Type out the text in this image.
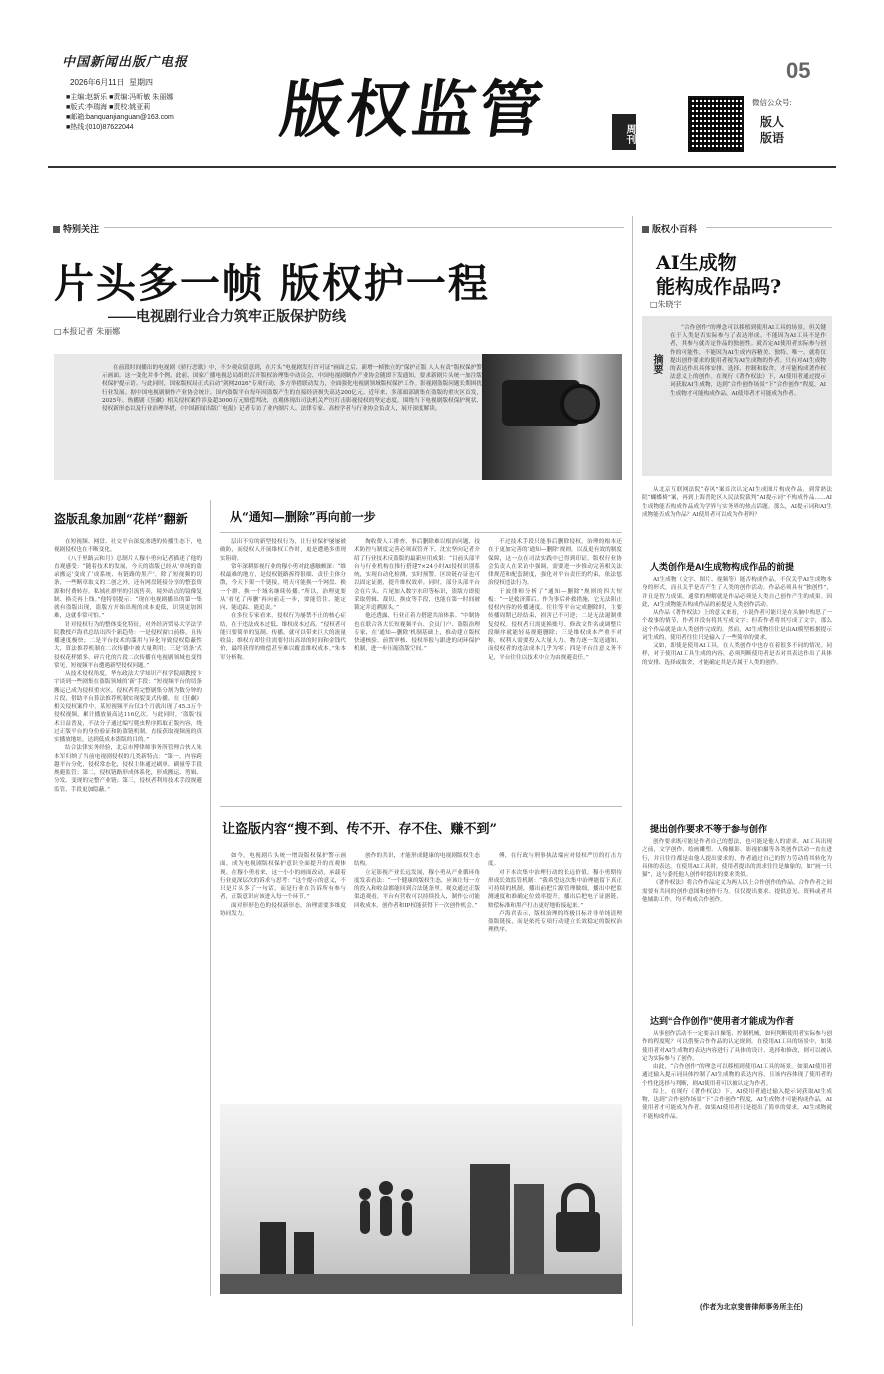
中国新闻出版广电报
2026年6月11日 星期四
■主编:赵新乐 ■责编:冯昕敏 朱丽娜
■版式:李瑞海 ■责校:姚亚莉
■邮箱:banquanjianguan@163.com
■热线:(010)87622044	版权监管	周刊
05
微信公众号:
版人版语
特别关注
片头多一帧 版权护一程
——电视剧行业合力筑牢正版保护防线
□本报记者 朱丽娜

在前段时间播出的电视剧《骄行恋歌》中，不少观众留意到，在片头“电视剧发行许可证”画面之后，新增一帧独立的“保护正版 人人有责”版权保护警示画面。这一变化并非个例。此前，国家广播电视总局组织召开版权治理集中动员会，中国电视剧制作产业协会随即下发通知，要求新剧片头统一加注版权保护提示语。与此同时，国家版权局正式启动“剑网2026”专项行动，多方举措联动发力，全面强化电视剧领域版权保护工作。影视剧盗版问题长期困扰行业发展。据中国电视剧制作产业协会统计，国内盗版平台每年因盗版产生的直接经济损失高达200亿元。近年来，多部頭部剧集在盗版的重灾区首发，2025年，热播剧《狂飙》相关侵权案件涉及超3000万元赔偿判决，直观体现出司法机关严厉打击影视侵权的坚定态度。围绕当下电视剧版权保护现状、侵权新形态以及行业治理举措，《中国新闻出版广电报》记者专访了业内制片人、法律专家、高校学者与行业协会负责人，展开深度解读。

盗版乱象加剧“花样”翻新	从“通知—删除”再向前一步

在短视频、网盘、社交平台深度渗透的传播生态下，电视剧侵权也在不断变化。

《八千里路云和月》总制片人穆小勇向记者描述了他的直观感受：“随着技术的发展，今天的盗版已经从‘单纯的盗录搬运’变成了‘成系统、有链路的黑产’，除了短视频的切条，一些断章取义的二创之外，还有网盘链接分享的整套资源和付费转存，私域社群里的引流售卖，境外站点的镜像复制、换壳再上线。”他特别提示：“现在电视剧播出的第一集就有盗版出现，盗版方开始出现的成本更低，识别更加困难，这就非常可怕。”

针对侵权行为的整体变化特征，对外经济贸易大学法学院教授卢海君总结出四个新趋势：一是侵权窗口前移，且传播速度极快；二是平台技术的滥用与异化导致侵权隐蔽性大，算法推荐机制在二次传播中被大量利用；三是‘切条’式侵权花样繁多，碎片化的片段二次传播在电视剧领域也变得常见，短视频平台遭遇新型侵权问题。”

从技术侵权角度，华东政法大学知识产权学院副教授卞宇谈到一些剧集在盗版领域的‘新’手段：“短视频平台的切条搬运已成为侵权重灾区，侵权者将完整剧集分割为数分钟的片段，借助平台算法推荐机制实现裂变式传播。在《狂飙》相关侵权案件中，某短视频平台仅3个月就出现了45.3万个侵权视频，累计播放量高达116亿次。与此同时，‘盗版’技术日益普及，不法分子通过编写爬虫程序抓取正版内容，绕过正版平台的身份验证和防盗链机制，直接获取视频流的真实播放地址，达到低成本盗版的目的。”

结合法律实务经验，北京市博律师事务所管理合伙人朱本军归纳了当前电视剧侵权的几类新特点：“第一，内容跨越平台分化，侵权常态化，侵权主体通过刷单、刷量等手段规避监管；第二，侵权链路形成体系化，形成搬运、剪辑、分发、变现的完整产业链；第三，侵权者利用技术手段规避监管，手段更加隐蔽。”

层出不穷的新型侵权行为，让行业保护屡屡被破防，而侵权人开展维权工作时，更是遭遇多重现实阻碍。

常年深耕影视行业的穆小勇对此感触颇深：“维权最难的地方，是侵权链路拆得很细、责任主体分散，今天下架一个链接，明天可能换一个网盘、换一个群、换一个域名继续传播。”所以，治理更要从‘看见了再删’再向前走一步，要能管住、能定向、能追踪、能追责。”

在多位专家看来，侵权行为屡禁不止的核心症结，在于违法成本过低、维权成本过高。“侵权者可能只要简单的复制、传播，就可以带来巨大的流量收益；维权方却往往需要付出高昂的时间和金钱代价，最终获得的赔偿甚至难以覆盖维权成本。”朱本军分析称。

掏收费人工排查、事后删除难以根治问题，技术防控与制度完善必须双管齐下。沈宏坚向记者介绍了行业技术反盗版的最新应用成果：“目前头部平台与行业机构在推行搭建7×24小时AI侵权识别系统，实现自动化检测，实时预警。区块链存证也可以固定证据，提升维权效率。同时，部分头部平台会在片头、片尾加入数字水印等标识，盗版方即使采取剪辑、裁切、换皮等手段，也能在第一时间被锁定并追溯源头。”

他还透露，行业正着力搭建共治体系。“中制协也在联合各大长短视频平台、会员门户、盗版治理专家，在‘通知—删除’机制基础上，推动建立版权快速核验、前置审核、侵权举报与跟进的闭环保护机制，进一步压缩盗版空间。”

不过技术手段只能事后删除侵权，治理的根本还在于更加完善的‘通知—删除’规则，以及更有效的制度保障，这一点在司法实践中已得到印证。版权行业协会负责人在采访中强调，需要进一步推动完善相关法律规范和配套制度，强化对平台责任的约束，依法惩治侵权违法行为。

于波律师分析了“通知—删除”规则的四大短板：“一是救济滞后。作为事后补救措施，它无法阻止侵权内容的传播速度。往往等平台完成删除时，主要传播周期已经结束，损害已不可逆；二是无法遏制重复侵权。侵权者只需更换账号、修改文件名或调整片段顺序就能轻易规避删除；三是维权成本严重不对称，权利人需要投入大量人力、物力逐一发送通知，而侵权者的违法成本几乎为零；四是平台注意义务不足，平台往往以技术中立为由规避责任。”

让盗版内容“搜不到、传不开、存不住、赚不到”

如今，电视剧片头统一增设版权保护警示画面，成为电视剧版权保护意识全面提升的直观体现。在穆小勇看来，这一小小的画面改动，承载着行业更深层次的诉求与思考：“这个提示的意义，不只是片头多了一句话，而是行业在告诉所有参与者，正版意识应该进入每一个环节。”

面对形形色色的侵权新形态，治理需要多维度协同发力。

创作的共识，才能形成健康的电视剧版权生态结构。

立足影视产业长远发展，穆小勇从产业循环角度发表看法：“一个健康的版权生态，应该让每一方的投入和收益都能回到合法链条里。观众通过正版渠道观看，平台有营收可以持续投入，制作公司能回收成本、创作者和IP权能获得下一次创作机会。”

傅，在行政与刑事执法端应对侵权严厉的打击力度。

对下本次集中治理行动的长远价值，穆小勇期待形成长效监管机制：“我希望这次集中治理能留下真正可持续的机制，播出前把片源管理做细，播出中把监测速度和准确定位效率提升，播出后把电子证据链、赔偿标准和黑产打击更好地衔接起来。”

卢海君表示，版权治理的终极目标并非单纯清理盗版链接，而是依托专项行动建立长效稳定的版权治理秩序。

版权小百科
AI生成物
能构成作品吗?
□朱晓宇
摘要

“合作创作”的理念可以移植到使用AI工具的场景，但关键在于人类是否实际参与了表达形成。不能因为AI工具不是作者，其参与就否定作品的独创性。就否定AI使用者实际参与创作的可能性。不能因为AI生成内容精美、独特、唯一，就将仅提出创作要求的使用者视为AI生成物的作者。只有对AI生成物的表达作出具体安排、选择、控制和取舍，才可能构成著作权法意义上的创作。在现行《著作权法》下，AI使用者通过提示词获取AI生成物，达到“合作创作场景”下“合作创作”程度，AI生成物才可能构成作品，AI使用者才可能成为作者。

从北京互联网法院“春风”案首次认定AI生成图片构成作品，到常熟法院“蝴蝶椅”案，再到上海普陀区人民法院裁判“AI提示词”不构成作品……AI生成物能否构成作品成为学界与实务界的热点话题。那么，AI提示词和AI生成物能否成为作品？AI使用者可以成为作者吗？

人类创作是AI生成物构成作品的前提

AI生成物（文字、图片、视频等）能否构成作品，不仅关乎AI生成物本身的形式，而且关乎是否产生了人类的创作活动。作品必须具有“独创性”，并且是智力成果。通常的理解就是作品必须是人类自己创作产生的成果。因此，AI生成物能否构成作品的前提是人类创作活动。

从作品《著作权法》上的意义来看，小说作者可能只是在头脑中构思了一个故事的情节，作者并没有将其写成文字；但若作者将其写成了文字，那么这个作品就是由人类创作完成的。然而，AI生成物往往是由AI模型根据提示词生成的，使用者往往只是输入了一些简单的要求。

又如，即使是使用AI工具，在人类创作中也存在着很多不同的情况。同样，对于使用AI工具生成的内容，必须判断使用者是否对其表达作出了具体的安排、选择或取舍，才能确定其是否属于人类的创作。

提出创作要求不等于参与创作

创作要求既可能是作者自己的想法，也可能是他人的需求。AI工具出现之前，文学创作、绘画雕塑、人像摄影、影视拍摄等各类创作活动一直在进行，并且往往都是由他人提出要求的，作者通过自己的智力劳动将其转化为具体的表达。在使用AI工具时，使用者提出的需求往往是抽象的，如“画一只猫”，这与委托他人创作时提出的要求类似。

《著作权法》将合作作品定义为两人以上合作创作的作品。合作作者之间需要有共同的创作意图和创作行为。仅仅提出要求、提供意见、资料或者其他辅助工作，均不构成合作创作。

达到“合作创作”使用者才能成为作者

从事创作活动不一定要亲自操笔、控制机械，如何判断使用者实际参与创作的程度呢？可以借鉴合作作品的认定规则。在使用AI工具的场景中，如果使用者对AI生成物的表达内容进行了具体的设计、选择和修改，则可以被认定为实际参与了创作。

由此，“合作创作”的理念可以移植到使用AI工具的场景。如果AI使用者通过输入提示词具体控制了AI生成物的表达内容，且该内容体现了使用者的个性化选择与判断，则AI使用者可以被认定为作者。

综上，在现行《著作权法》下，AI使用者通过输入提示词获取AI生成物，达到“合作创作场景”下“合作创作”程度，AI生成物才可能构成作品，AI使用者才可能成为作者。如果AI使用者只是提出了简单的要求，AI生成物就不能构成作品。

(作者为北京斐普律师事务所主任)
